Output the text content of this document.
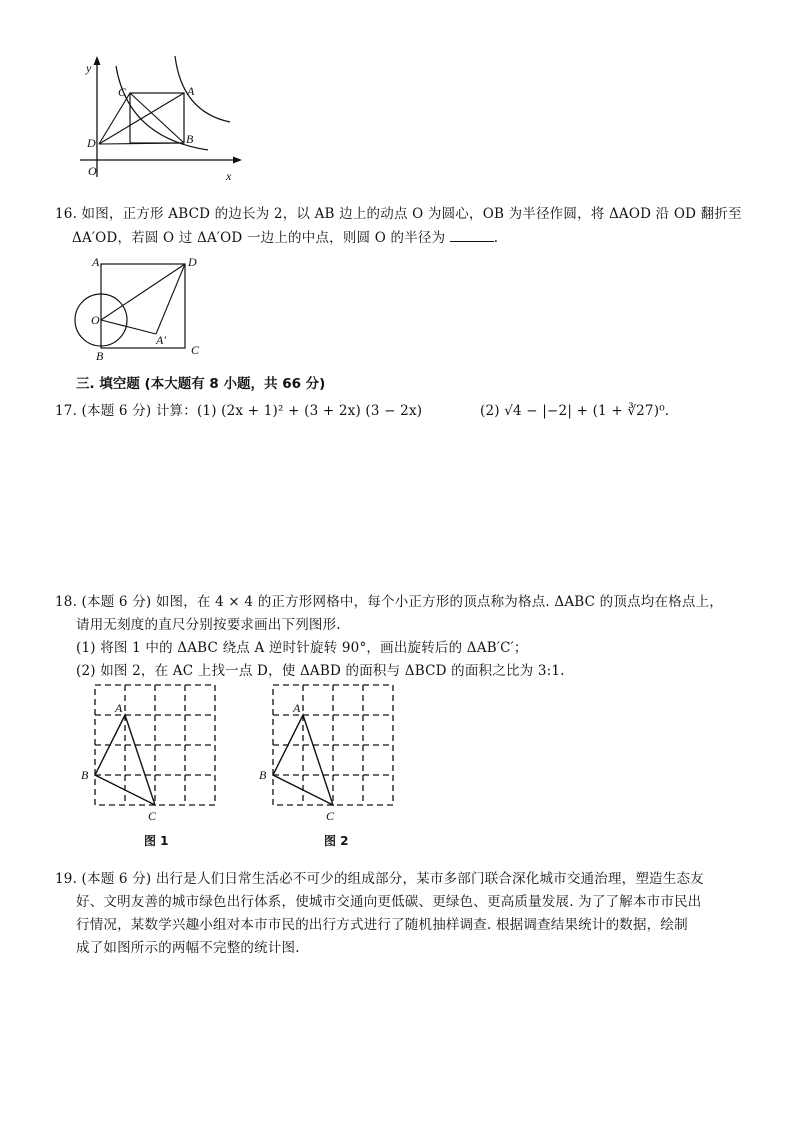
y
x
O
A
B
C
D
16. 如图，正方形 ABCD 的边长为 2，以 AB 边上的动点 O 为圆心，OB 为半径作圆，将 ΔAOD 沿 OD 翻折至
ΔA′OD，若圆 O 过 ΔA′OD 一边上的中点，则圆 O 的半径为	.
A	D
O
A′
B	C
三. 填空题 (本大题有 8 小题，共 66 分)
17. (本题 6 分) 计算：(1) (2x + 1)² + (3 + 2x) (3 − 2x)	(2) √4 − |−2| + (1 + ∛27)⁰.
18. (本题 6 分) 如图，在 4 × 4 的正方形网格中，每个小正方形的顶点称为格点. ΔABC 的顶点均在格点上，
请用无刻度的直尺分别按要求画出下列图形.
(1) 将图 1 中的 ΔABC 绕点 A 逆时针旋转 90°，画出旋转后的 ΔAB′C′；
(2) 如图 2，在 AC 上找一点 D，使 ΔABD 的面积与 ΔBCD 的面积之比为 3:1.
A
B
C
图 1
A
B
C
图 2
19. (本题 6 分) 出行是人们日常生活必不可少的组成部分，某市多部门联合深化城市交通治理，塑造生态友
好、文明友善的城市绿色出行体系，使城市交通向更低碳、更绿色、更高质量发展. 为了了解本市市民出
行情况，某数学兴趣小组对本市市民的出行方式进行了随机抽样调查. 根据调查结果统计的数据，绘制
成了如图所示的两幅不完整的统计图.
